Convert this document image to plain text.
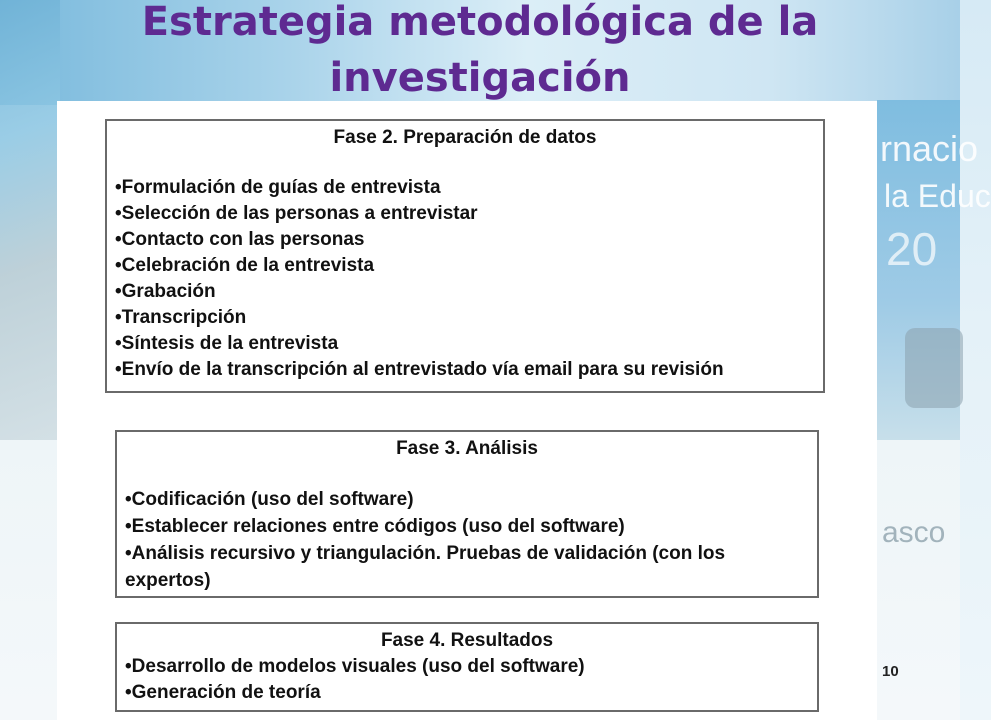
rnacio
la Educ
20
asco
Estrategia metodológica de la investigación
Fase 2. Preparación de datos
• Formulación de guías de entrevista
• Selección de las personas a entrevistar
• Contacto con las personas
• Celebración de la entrevista
• Grabación
• Transcripción
• Síntesis de la entrevista
• Envío de la transcripción al entrevistado vía email para su revisión
Fase 3. Análisis
• Codificación (uso del software)
• Establecer relaciones entre códigos (uso del software)
• Análisis recursivo y triangulación. Pruebas de validación (con los expertos)
Fase 4. Resultados
• Desarrollo de modelos visuales (uso del software)
• Generación de teoría
10
